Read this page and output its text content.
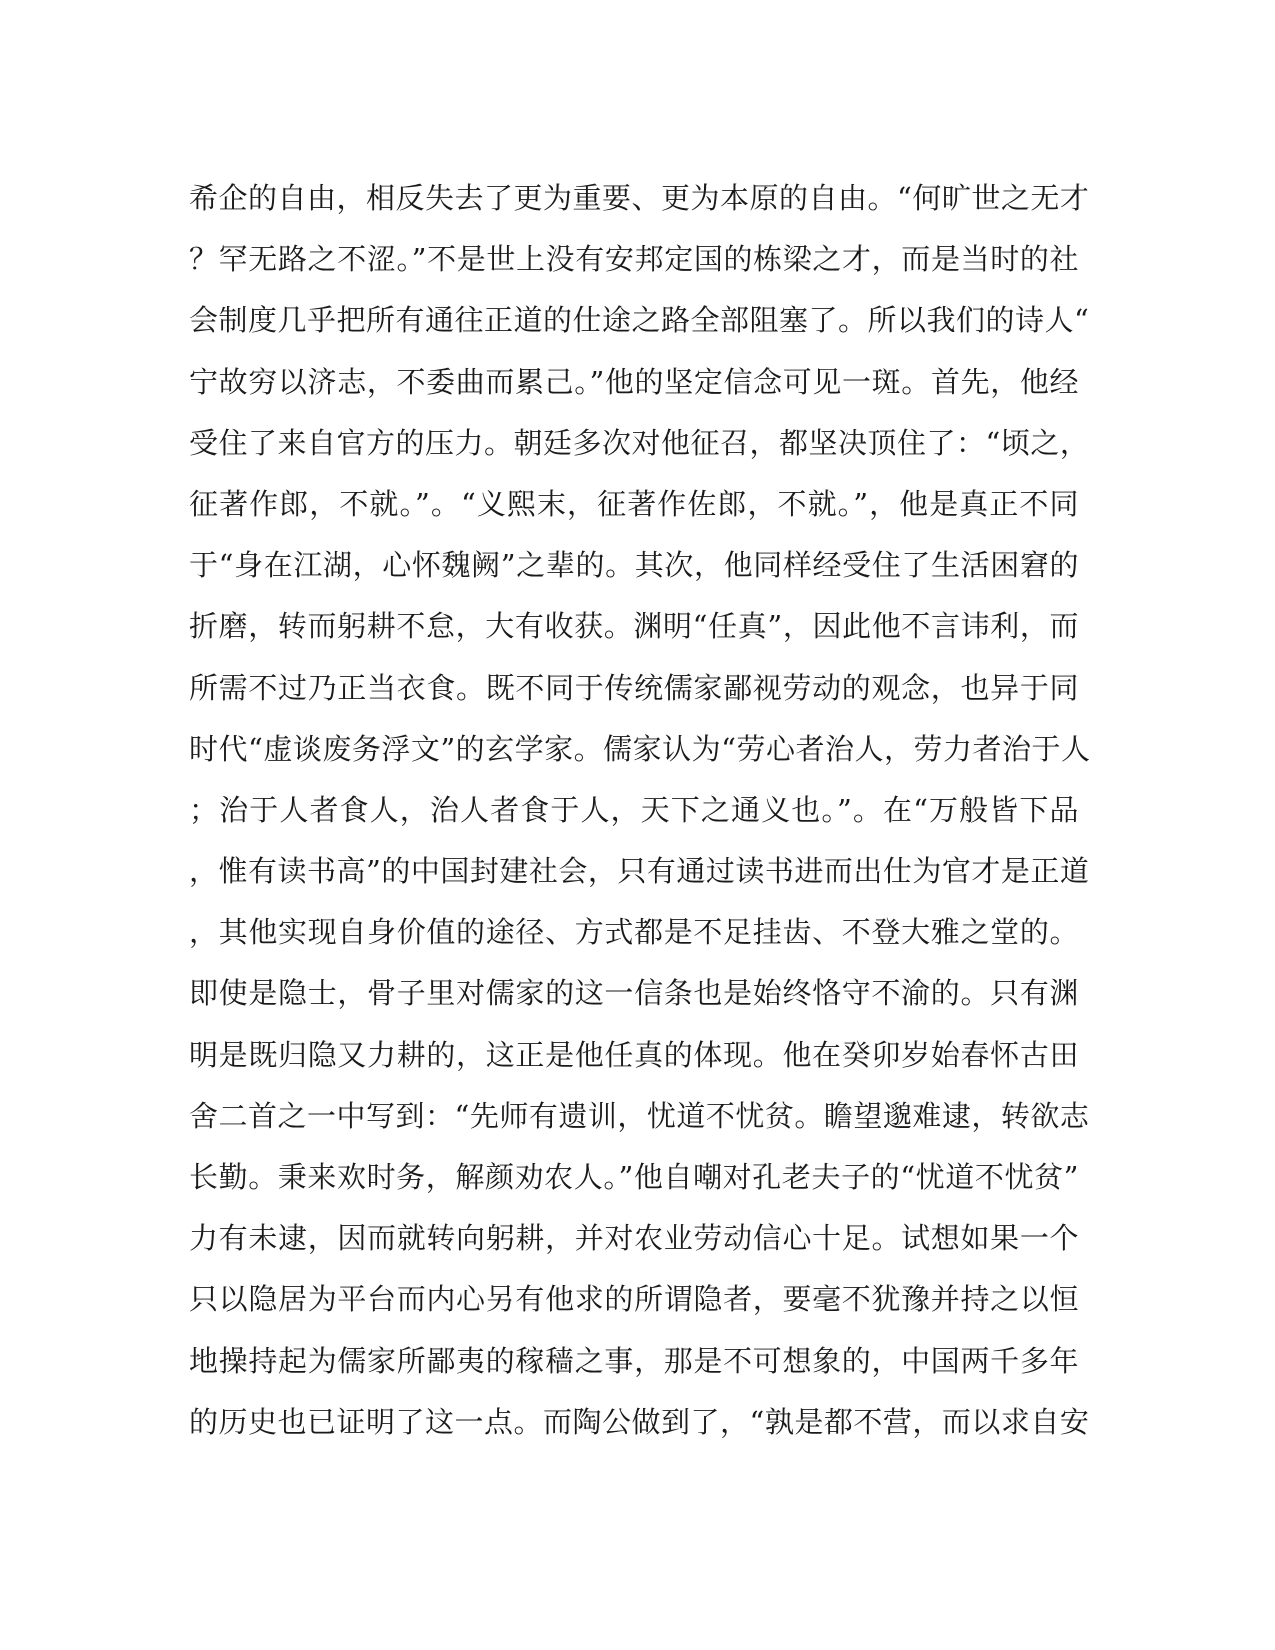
希企的自由，相反失去了更为重要、更为本原的自由。“何旷世之无才
？罕无路之不涩。”不是世上没有安邦定国的栋梁之才，而是当时的社
会制度几乎把所有通往正道的仕途之路全部阻塞了。所以我们的诗人“
宁故穷以济志，不委曲而累己。”他的坚定信念可见一斑。首先，他经
受住了来自官方的压力。朝廷多次对他征召，都坚决顶住了：“顷之，
征著作郎，不就。”。“义熙末，征著作佐郎，不就。”，他是真正不同
于“身在江湖，心怀魏阙”之辈的。其次，他同样经受住了生活困窘的
折磨，转而躬耕不怠，大有收获。渊明“任真”，因此他不言讳利，而
所需不过乃正当衣食。既不同于传统儒家鄙视劳动的观念，也异于同
时代“虚谈废务浮文”的玄学家。儒家认为“劳心者治人，劳力者治于人
；治于人者食人，治人者食于人，天下之通义也。”。在“万般皆下品
，惟有读书高”的中国封建社会，只有通过读书进而出仕为官才是正道
，其他实现自身价值的途径、方式都是不足挂齿、不登大雅之堂的。
即使是隐士，骨子里对儒家的这一信条也是始终恪守不渝的。只有渊
明是既归隐又力耕的，这正是他任真的体现。他在癸卯岁始春怀古田
舍二首之一中写到：“先师有遗训，忧道不忧贫。瞻望邈难逮，转欲志
长勤。秉来欢时务，解颜劝农人。”他自嘲对孔老夫子的“忧道不忧贫”
力有未逮，因而就转向躬耕，并对农业劳动信心十足。试想如果一个
只以隐居为平台而内心另有他求的所谓隐者，要毫不犹豫并持之以恒
地操持起为儒家所鄙夷的稼穑之事，那是不可想象的，中国两千多年
的历史也已证明了这一点。而陶公做到了，“孰是都不营，而以求自安
